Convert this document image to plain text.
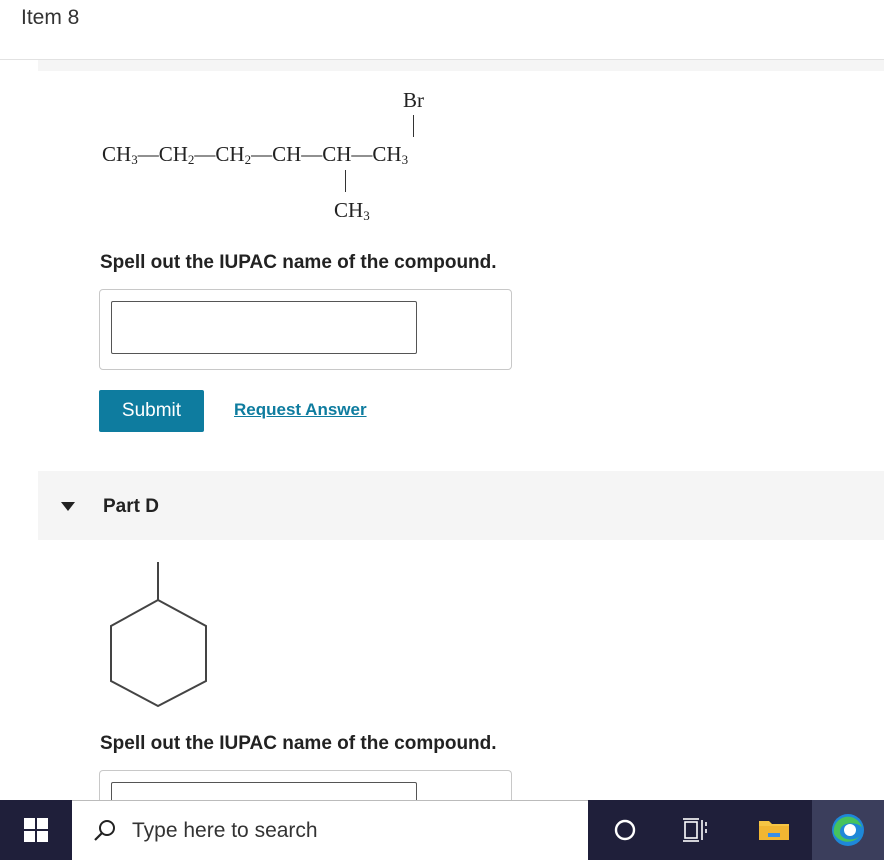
Item 8
Br
$CH_3—CH_2—CH_2—CH—CH—CH_3$
$CH_3$
Spell out the IUPAC name of the compound.
Submit	Request Answer
Part D
Spell out the IUPAC name of the compound.
Type here to search
